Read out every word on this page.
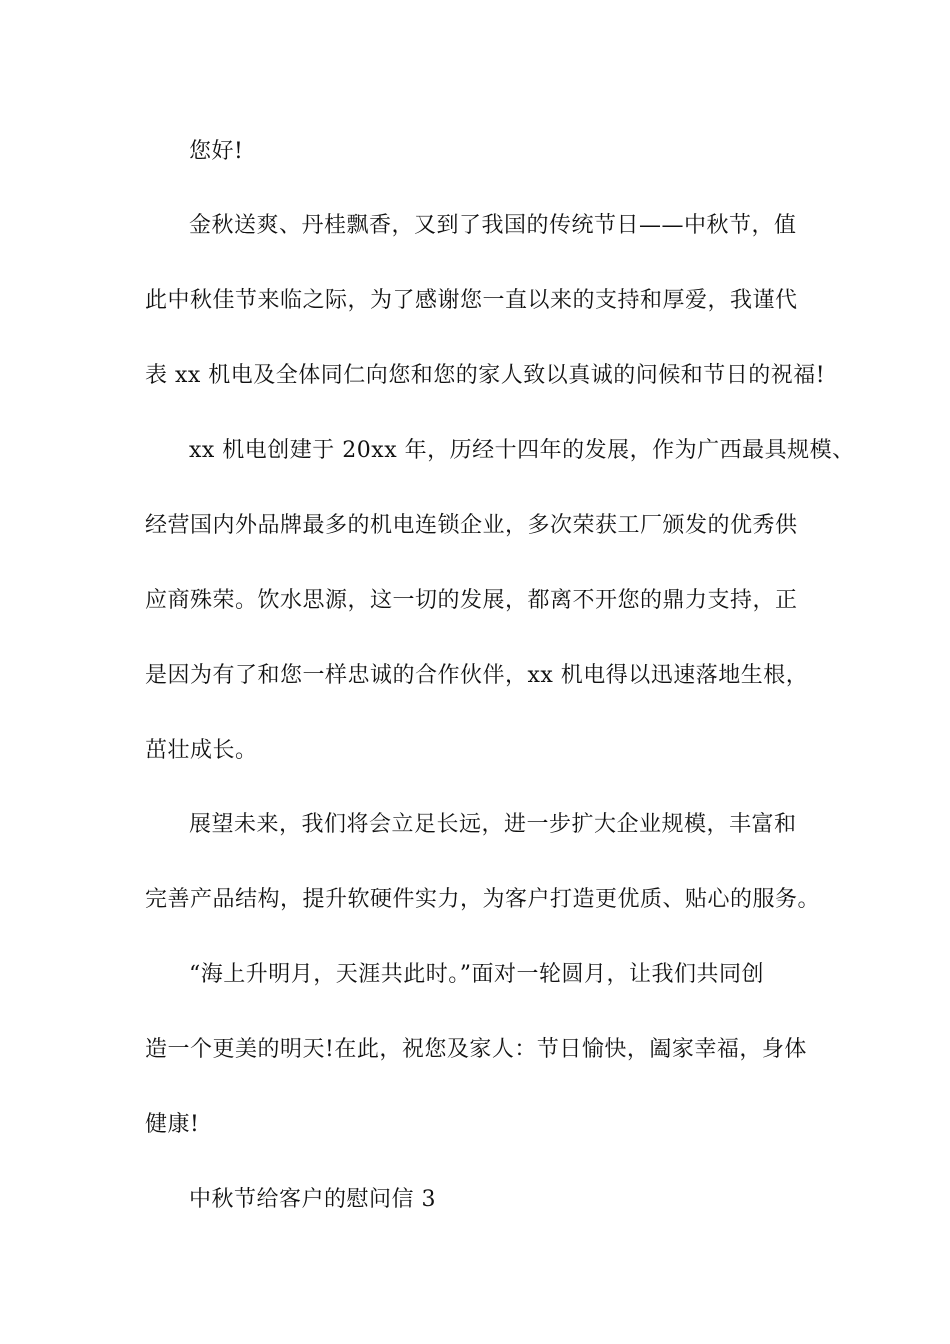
您好!
金秋送爽、丹桂飘香，又到了我国的传统节日——中秋节，值
此中秋佳节来临之际，为了感谢您一直以来的支持和厚爱，我谨代
表 xx 机电及全体同仁向您和您的家人致以真诚的问候和节日的祝福!
xx 机电创建于 20xx 年，历经十四年的发展，作为广西最具规模、
经营国内外品牌最多的机电连锁企业，多次荣获工厂颁发的优秀供
应商殊荣。饮水思源，这一切的发展，都离不开您的鼎力支持，正
是因为有了和您一样忠诚的合作伙伴，xx 机电得以迅速落地生根，
茁壮成长。
展望未来，我们将会立足长远，进一步扩大企业规模，丰富和
完善产品结构，提升软硬件实力，为客户打造更优质、贴心的服务。
“海上升明月，天涯共此时。”面对一轮圆月，让我们共同创
造一个更美的明天!在此，祝您及家人：节日愉快，阖家幸福，身体
健康!
中秋节给客户的慰问信 3
